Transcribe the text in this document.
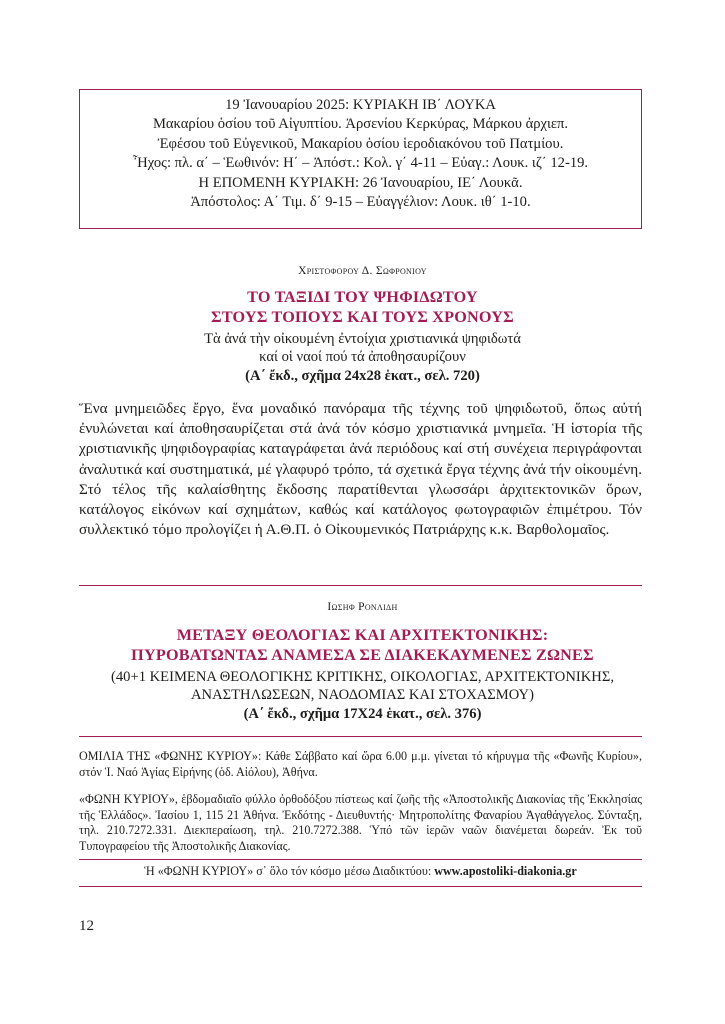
19 Ἰανουαρίου 2025: ΚΥΡΙΑΚΗ ΙΒ΄ ΛΟΥΚΑ
Μακαρίου ὁσίου τοῦ Αἰγυπτίου. Ἀρσενίου Κερκύρας, Μάρκου ἀρχιεπ.
Ἐφέσου τοῦ Εὐγενικοῦ, Μακαρίου ὁσίου ἱεροδιακόνου τοῦ Πατμίου.
Ἦχος: πλ. α΄ – Ἑωθινόν: Η΄ – Ἀπόστ.: Κολ. γ΄ 4-11 – Εὐαγ.: Λουκ. ιζ΄ 12-19.
Η ΕΠΟΜΕΝΗ ΚΥΡΙΑΚΗ: 26 Ἰανουαρίου, ΙΕ΄ Λουκᾶ.
Ἀπόστολος: Α΄ Τιμ. δ΄ 9-15 – Εὐαγγέλιον: Λουκ. ιθ΄ 1-10.
Χριστοφορου Δ. Σωφρονιου
ΤΟ ΤΑΞΙΔΙ ΤΟΥ ΨΗΦΙΔΩΤΟΥ
ΣΤΟΥΣ ΤΟΠΟΥΣ ΚΑΙ ΤΟΥΣ ΧΡΟΝΟΥΣ
Τὰ ἀνά τὴν οἰκουμένη ἐντοίχια χριστιανικά ψηφιδωτά
καί οἱ ναοί πού τά ἀποθησαυρίζουν
(Α΄ ἔκδ., σχῆμα 24x28 ἑκατ., σελ. 720)
Ἕνα μνημειῶδες ἔργο, ἕνα μοναδικό πανόραμα τῆς τέχνης τοῦ ψηφιδωτοῦ, ὅπως αὐτή ἐνυλώνεται καί ἀποθησαυρίζεται στά ἀνά τόν κόσμο χριστιανικά μνημεῖα. Ἡ ἱστορία τῆς χριστιανικῆς ψηφιδογραφίας καταγράφεται ἀνά περιόδους καί στή συνέχεια περιγράφονται ἀναλυτικά καί συστηματικά, μέ γλαφυρό τρόπο, τά σχετικά ἔργα τέχνης ἀνά τήν οἰκουμένη. Στό τέλος τῆς καλαίσθητης ἔκδοσης παρατίθενται γλωσσάρι ἀρχιτεκτονικῶν ὅρων, κατάλογος εἰκόνων καί σχημάτων, καθώς καί κατάλογος φωτογραφιῶν ἐπιμέτρου. Τόν συλλεκτικό τόμο προλογίζει ἡ Α.Θ.Π. ὁ Οἰκουμενικός Πατριάρχης κ.κ. Βαρθολομαῖος.
Ιωσηφ Ρονλιδη
ΜΕΤΑΞΥ ΘΕΟΛΟΓΙΑΣ ΚΑΙ ΑΡΧΙΤΕΚΤΟΝΙΚΗΣ:
ΠΥΡΟΒΑΤΩΝΤΑΣ ΑΝΑΜΕΣΑ ΣΕ ΔΙΑΚΕΚΑΥΜΕΝΕΣ ΖΩΝΕΣ
(40+1 ΚΕΙΜΕΝΑ ΘΕΟΛΟΓΙΚΗΣ ΚΡΙΤΙΚΗΣ, ΟΙΚΟΛΟΓΙΑΣ, ΑΡΧΙΤΕΚΤΟΝΙΚΗΣ,
ΑΝΑΣΤΗΛΩΣΕΩΝ, ΝΑΟΔΟΜΙΑΣ ΚΑΙ ΣΤΟΧΑΣΜΟΥ)
(Α΄ ἔκδ., σχῆμα 17Χ24 ἑκατ., σελ. 376)
ΟΜΙΛΙΑ ΤΗΣ «ΦΩΝΗΣ ΚΥΡΙΟΥ»: Κάθε Σάββατο καί ὥρα 6.00 μ.μ. γίνεται τό κήρυγμα τῆς «Φωνῆς Κυρίου», στόν Ἱ. Ναό Ἁγίας Εἰρήνης (ὁδ. Αἰόλου), Ἀθήνα.
«ΦΩΝΗ ΚΥΡΙΟΥ», ἑβδομαδιαῖο φύλλο ὀρθοδόξου πίστεως καί ζωῆς τῆς «Ἀποστολικῆς Διακονίας τῆς Ἐκκλησίας τῆς Ἑλλάδος». Ἰασίου 1, 115 21 Ἀθήνα. Ἐκδότης - Διευθυντής· Μητροπολίτης Φαναρίου Ἀγαθάγγελος. Σύνταξη, τηλ. 210.7272.331. Διεκπεραίωση, τηλ. 210.7272.388. Ὑπό τῶν ἱερῶν ναῶν διανέμεται δωρεάν. Ἐκ τοῦ Τυπογραφείου τῆς Ἀποστολικῆς Διακονίας.
Ἡ «ΦΩΝΗ ΚΥΡΙΟΥ» σ᾿ ὅλο τόν κόσμο μέσω Διαδικτύου: www.apostoliki-diakonia.gr
12
